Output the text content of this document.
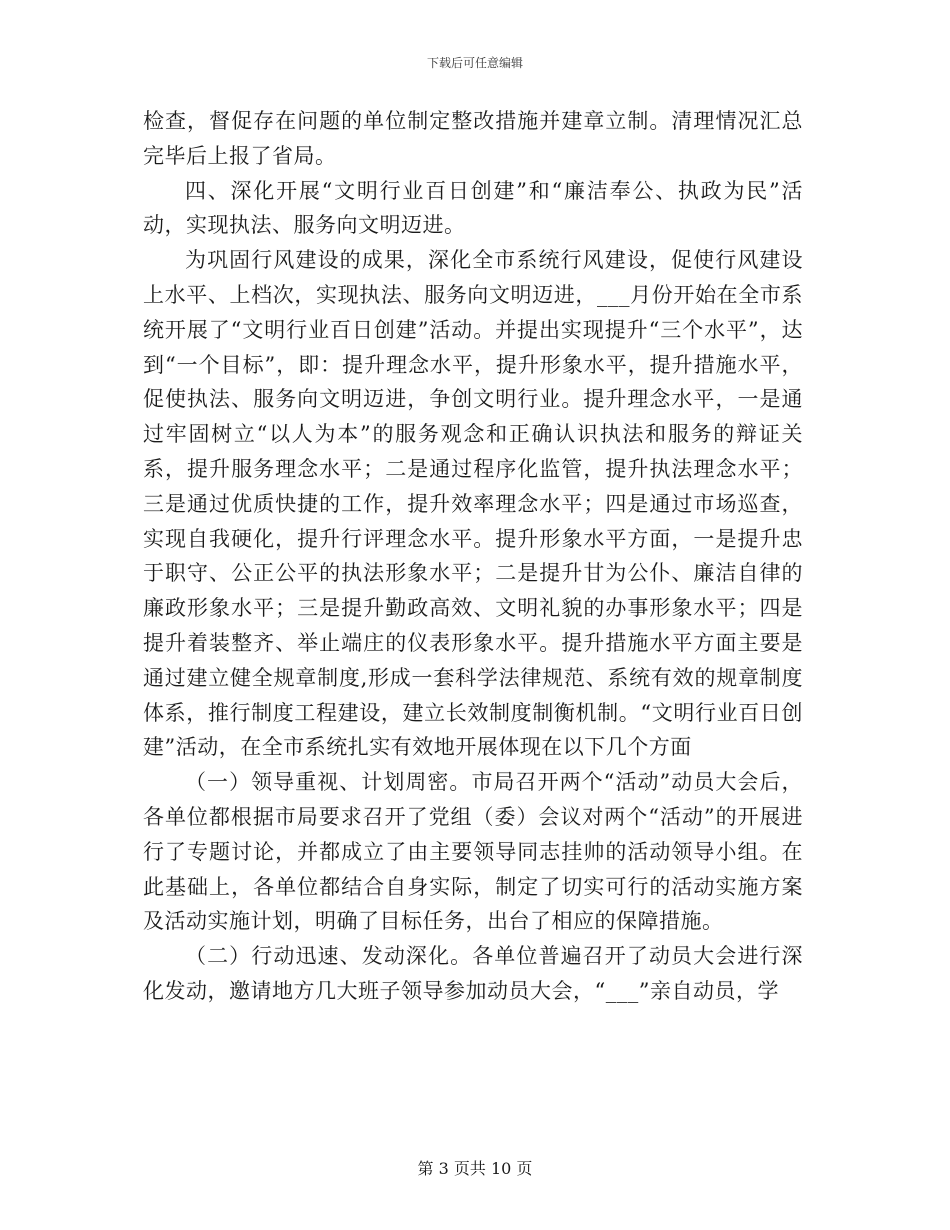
下载后可任意编辑

检查，督促存在问题的单位制定整改措施并建章立制。清理情况汇总完毕后上报了省局。

四、深化开展“文明行业百日创建”和“廉洁奉公、执政为民”活动，实现执法、服务向文明迈进。

为巩固行风建设的成果，深化全市系统行风建设，促使行风建设上水平、上档次，实现执法、服务向文明迈进，___月份开始在全市系统开展了“文明行业百日创建”活动。并提出实现提升“三个水平”，达到“一个目标”，即：提升理念水平，提升形象水平，提升措施水平，促使执法、服务向文明迈进，争创文明行业。提升理念水平，一是通过牢固树立“以人为本”的服务观念和正确认识执法和服务的辩证关系，提升服务理念水平；二是通过程序化监管，提升执法理念水平；三是通过优质快捷的工作，提升效率理念水平；四是通过市场巡查，实现自我硬化，提升行评理念水平。提升形象水平方面，一是提升忠于职守、公正公平的执法形象水平；二是提升甘为公仆、廉洁自律的廉政形象水平；三是提升勤政高效、文明礼貌的办事形象水平；四是提升着装整齐、举止端庄的仪表形象水平。提升措施水平方面主要是通过建立健全规章制度,形成一套科学法律规范、系统有效的规章制度体系，推行制度工程建设，建立长效制度制衡机制。“文明行业百日创建”活动，在全市系统扎实有效地开展体现在以下几个方面

（一）领导重视、计划周密。市局召开两个“活动”动员大会后，各单位都根据市局要求召开了党组（委）会议对两个“活动”的开展进行了专题讨论，并都成立了由主要领导同志挂帅的活动领导小组。在此基础上，各单位都结合自身实际，制定了切实可行的活动实施方案及活动实施计划，明确了目标任务，出台了相应的保障措施。

（二）行动迅速、发动深化。各单位普遍召开了动员大会进行深化发动，邀请地方几大班子领导参加动员大会，“___”亲自动员，学

第 3 页共 10 页
